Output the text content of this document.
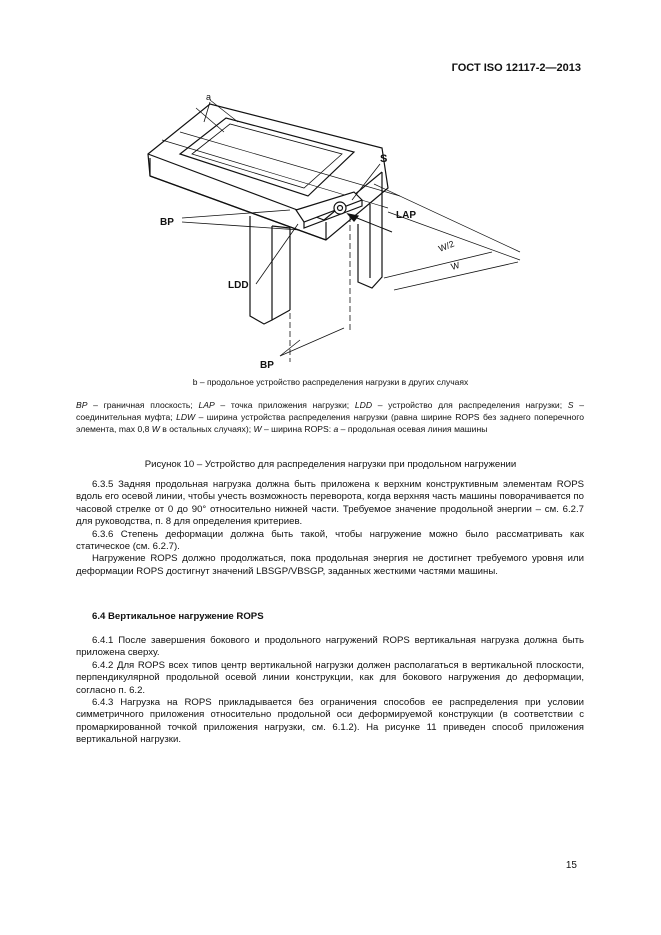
ГОСТ ISO 12117-2—2013
a
S
BP
LAP
W/2
W
LDD
BP
b – продольное устройство распределения нагрузки в других случаях
BP – граничная плоскость; LAP – точка приложения нагрузки; LDD – устройство для распределения нагрузки; S – соединительная муфта; LDW – ширина устройства распределения нагрузки (равна ширине ROPS без заднего поперечного элемента, max 0,8 W в остальных случаях); W – ширина ROPS: a – продольная осевая линия машины
Рисунок 10 – Устройство для распределения нагрузки при продольном нагружении

6.3.5 Задняя продольная нагрузка должна быть приложена к верхним конструктивным элементам ROPS вдоль его осевой линии, чтобы учесть возможность переворота, когда верхняя часть машины поворачивается по часовой стрелке от 0 до 90° относительно нижней части. Требуемое значение продольной энергии – см. 6.2.7 для руководства, п. 8 для определения критериев.

6.3.6 Степень деформации должна быть такой, чтобы нагружение можно было рассматривать как статическое (см. 6.2.7).

Нагружение ROPS должно продолжаться, пока продольная энергия не достигнет требуемого уровня или деформации ROPS достигнут значений LBSGP/VBSGP, заданных жесткими частями машины.

6.4 Вертикальное нагружение ROPS

6.4.1 После завершения бокового и продольного нагружений ROPS вертикальная нагрузка должна быть приложена сверху.

6.4.2 Для ROPS всех типов центр вертикальной нагрузки должен располагаться в вертикальной плоскости, перпендикулярной продольной осевой линии конструкции, как для бокового нагружения до деформации, согласно п. 6.2.

6.4.3 Нагрузка на ROPS прикладывается без ограничения способов ее распределения при условии симметричного приложения относительно продольной оси деформируемой конструкции (в соответствии с промаркированной точкой приложения нагрузки, см. 6.1.2). На рисунке 11 приведен способ приложения вертикальной нагрузки.

15
